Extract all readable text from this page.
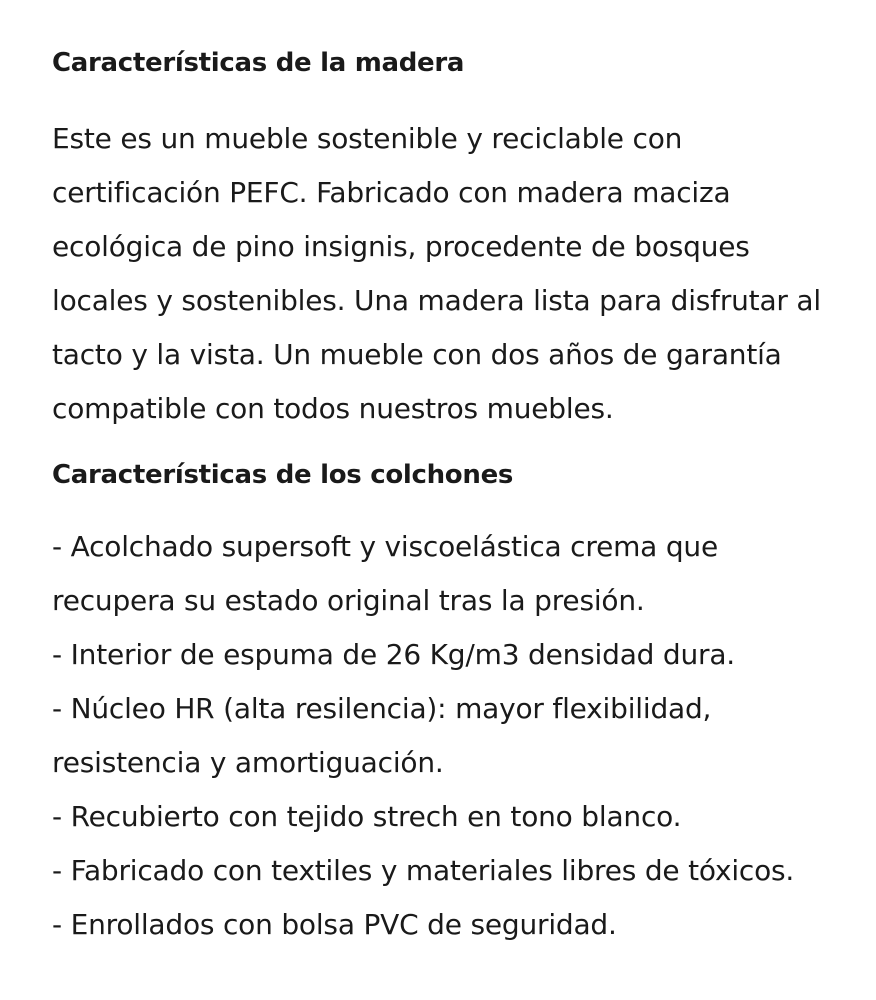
Características de la madera

Este es un mueble sostenible y reciclable con certificación PEFC. Fabricado con madera maciza ecológica de pino insignis, procedente de bosques locales y sostenibles. Una madera lista para disfrutar al tacto y la vista. Un mueble con dos años de garantía compatible con todos nuestros muebles.

Características de los colchones
- Acolchado supersoft y viscoelástica crema que recupera su estado original tras la presión.
- Interior de espuma de 26 Kg/m3 densidad dura.
- Núcleo HR (alta resilencia): mayor flexibilidad, resistencia y amortiguación.
- Recubierto con tejido strech en tono blanco.
- Fabricado con textiles y materiales libres de tóxicos.
- Enrollados con bolsa PVC de seguridad.
